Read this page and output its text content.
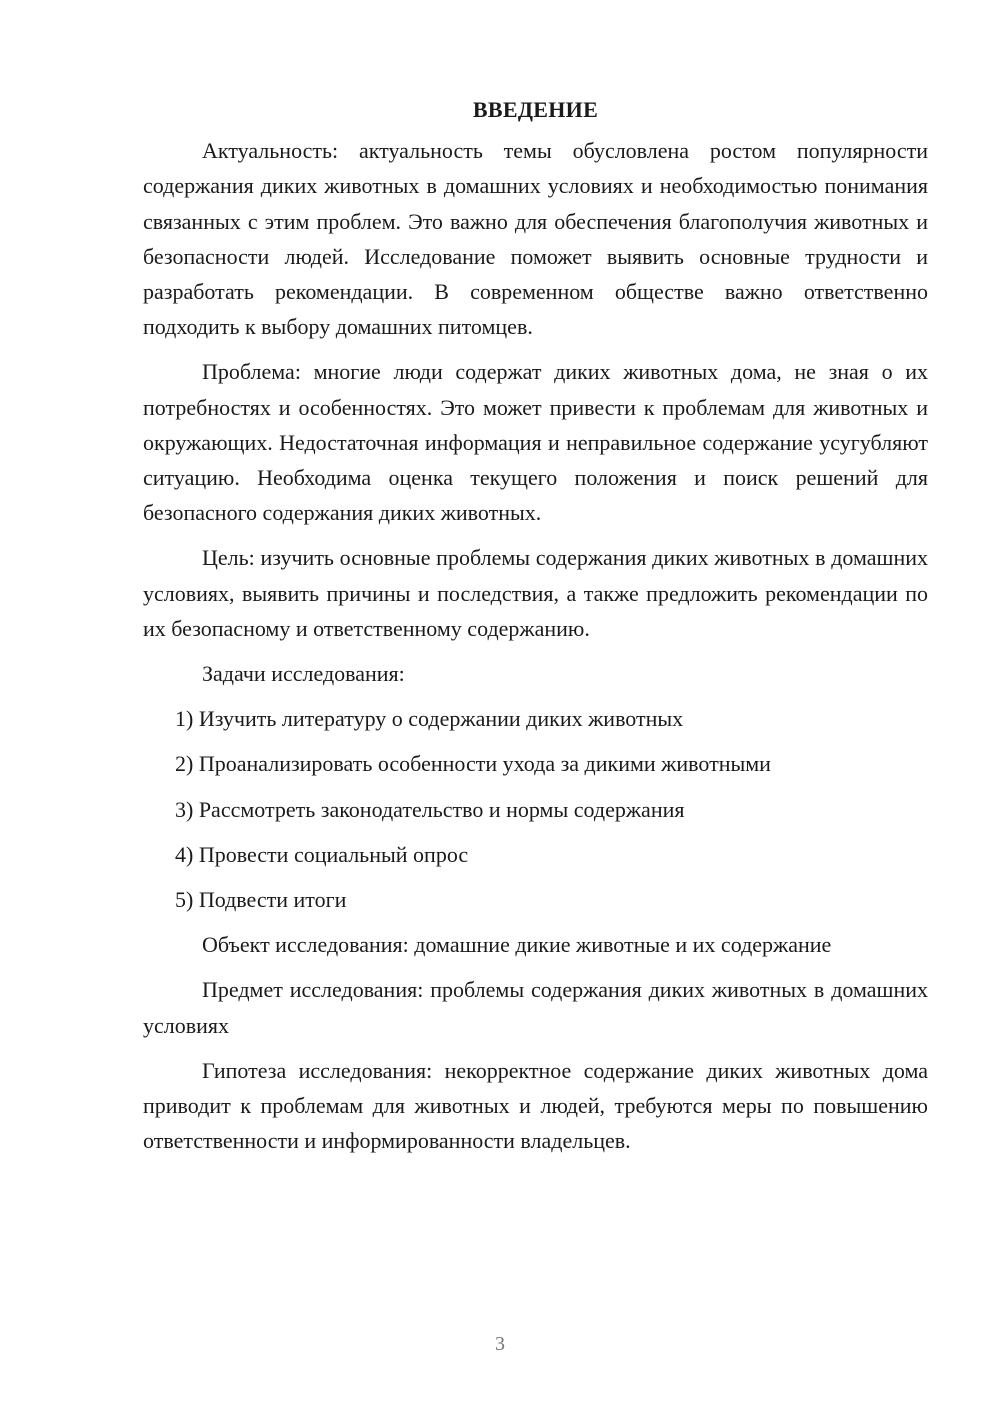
ВВЕДЕНИЕ

Актуальность: актуальность темы обусловлена ростом популярности содержания диких животных в домашних условиях и необходимостью понимания связанных с этим проблем. Это важно для обеспечения благополучия животных и безопасности людей. Исследование поможет выявить основные трудности и разработать рекомендации. В современном обществе важно ответственно подходить к выбору домашних питомцев.

Проблема: многие люди содержат диких животных дома, не зная о их потребностях и особенностях. Это может привести к проблемам для животных и окружающих. Недостаточная информация и неправильное содержание усугубляют ситуацию. Необходима оценка текущего положения и поиск решений для безопасного содержания диких животных.

Цель: изучить основные проблемы содержания диких животных в домашних условиях, выявить причины и последствия, а также предложить рекомендации по их безопасному и ответственному содержанию.

Задачи исследования:

1) Изучить литературу о содержании диких животных

2) Проанализировать особенности ухода за дикими животными

3) Рассмотреть законодательство и нормы содержания

4) Провести социальный опрос

5) Подвести итоги

Объект исследования: домашние дикие животные и их содержание

Предмет исследования: проблемы содержания диких животных в домашних условиях

Гипотеза исследования: некорректное содержание диких животных дома приводит к проблемам для животных и людей, требуются меры по повышению ответственности и информированности владельцев.

3
